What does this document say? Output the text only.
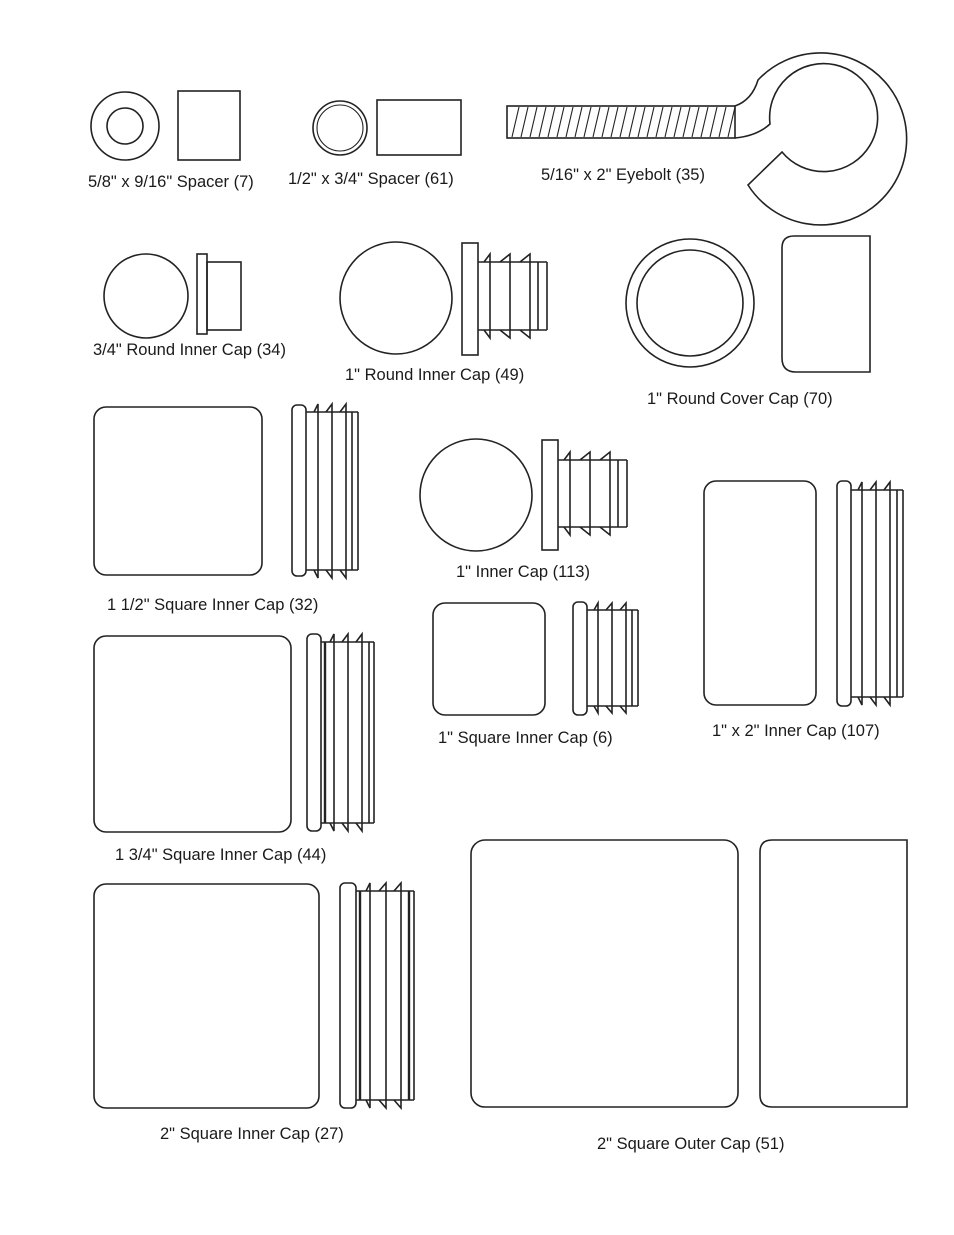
5/8" x 9/16" Spacer (7) 1/2" x 3/4" Spacer (61)	5/16" x 2" Eyebolt (35)
3/4" Round Inner Cap (34)
1" Round Inner Cap (49)
1" Round Cover Cap (70)
1 1/2" Square Inner Cap (32)
1" Inner Cap (113)
1" x 2" Inner Cap (107)
1" Square Inner Cap (6)
1 3/4" Square Inner Cap (44)
2" Square Inner Cap (27)
2" Square Outer Cap (51)
